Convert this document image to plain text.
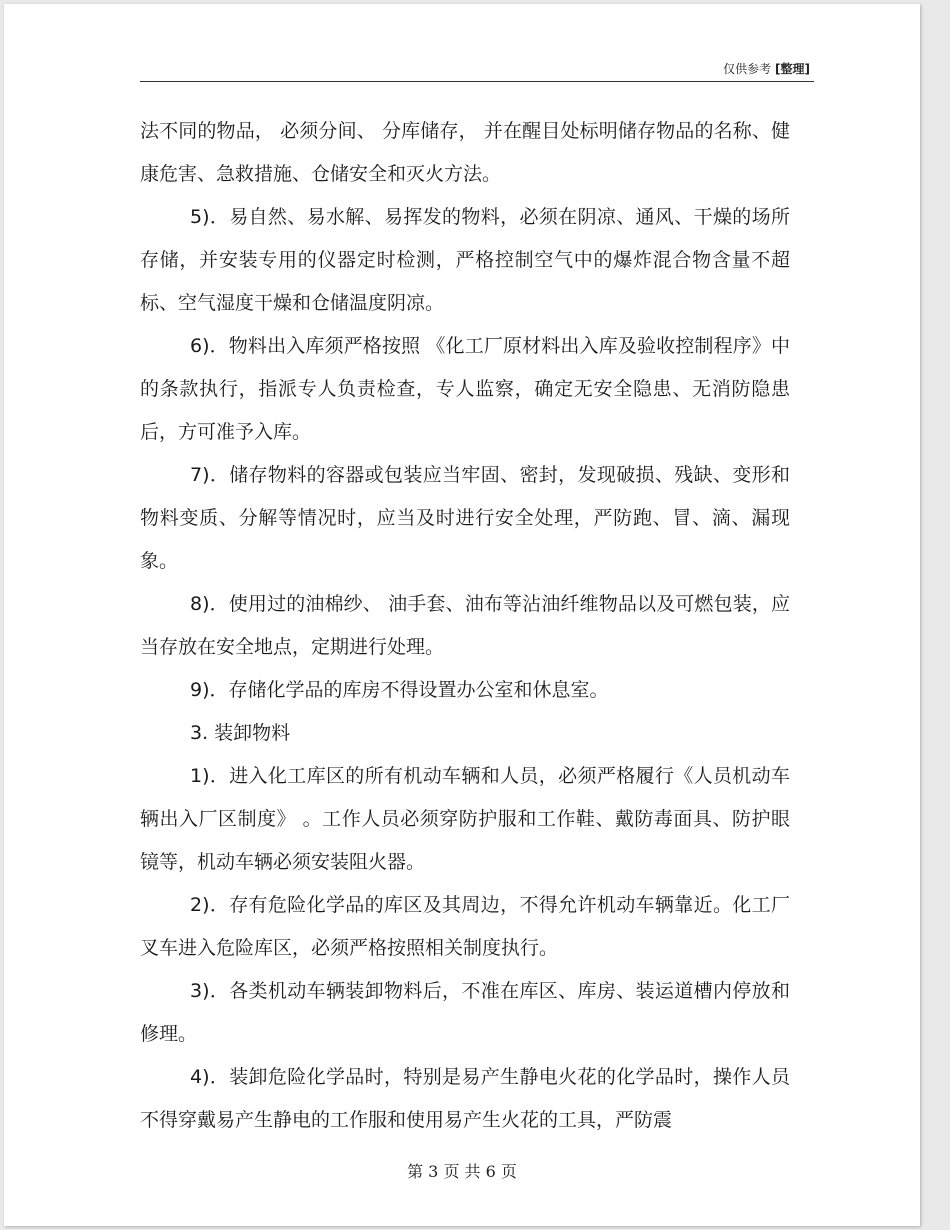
仅供参考 [整理]

法不同的物品， 必须分间、 分库储存， 并在醒目处标明储存物品的名称、健康危害、急救措施、仓储安全和灭火方法。

5)．易自然、易水解、易挥发的物料，必须在阴凉、通风、干燥的场所存储，并安装专用的仪器定时检测，严格控制空气中的爆炸混合物含量不超标、空气湿度干燥和仓储温度阴凉。

6)．物料出入库须严格按照 《化工厂原材料出入库及验收控制程序》中的条款执行，指派专人负责检查，专人监察，确定无安全隐患、无消防隐患后，方可准予入库。

7)．储存物料的容器或包装应当牢固、密封，发现破损、残缺、变形和物料变质、分解等情况时，应当及时进行安全处理，严防跑、冒、滴、漏现象。

8)．使用过的油棉纱、 油手套、油布等沾油纤维物品以及可燃包装，应当存放在安全地点，定期进行处理。

9)．存储化学品的库房不得设置办公室和休息室。

3. 装卸物料

1)．进入化工库区的所有机动车辆和人员，必须严格履行《人员机动车辆出入厂区制度》 。工作人员必须穿防护服和工作鞋、戴防毒面具、防护眼镜等，机动车辆必须安装阻火器。

2)．存有危险化学品的库区及其周边，不得允许机动车辆靠近。化工厂叉车进入危险库区，必须严格按照相关制度执行。

3)．各类机动车辆装卸物料后，不准在库区、库房、装运道槽内停放和修理。

4)．装卸危险化学品时，特别是易产生静电火花的化学品时，操作人员不得穿戴易产生静电的工作服和使用易产生火花的工具，严防震

第 3 页 共 6 页
